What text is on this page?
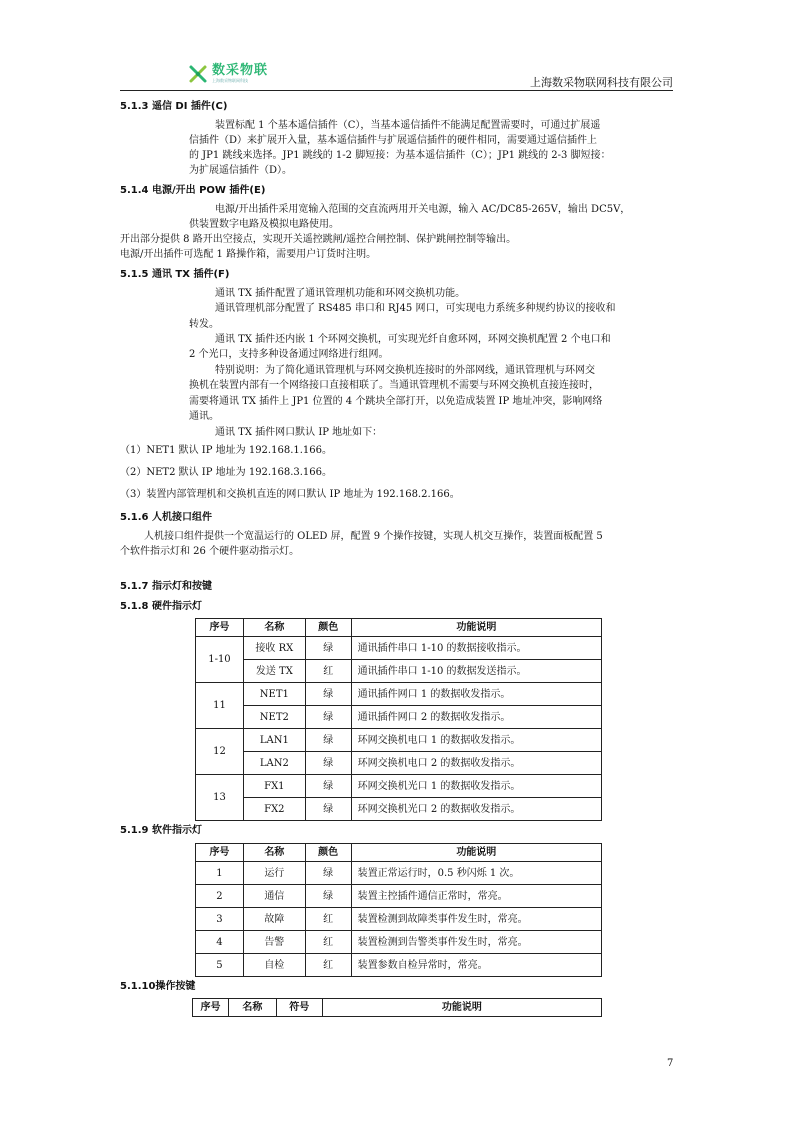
数采物联
上海数采物联网科技	上海数采物联网科技有限公司
5.1.3 遥信 DI 插件(C)
装置标配 1 个基本遥信插件（C），当基本遥信插件不能满足配置需要时，可通过扩展遥
信插件（D）来扩展开入量，基本遥信插件与扩展遥信插件的硬件相同，需要通过遥信插件上
的 JP1 跳线来选择。JP1 跳线的 1-2 脚短接：为基本遥信插件（C）；JP1 跳线的 2-3 脚短接：
为扩展遥信插件（D）。
5.1.4 电源/开出 POW 插件(E)
电源/开出插件采用宽输入范围的交直流两用开关电源，输入 AC/DC85-265V，输出 DC5V，
供装置数字电路及模拟电路使用。
开出部分提供 8 路开出空接点，实现开关遥控跳闸/遥控合闸控制、保护跳闸控制等输出。
电源/开出插件可选配 1 路操作箱，需要用户订货时注明。
5.1.5 通讯 TX 插件(F)
通讯 TX 插件配置了通讯管理机功能和环网交换机功能。
通讯管理机部分配置了 RS485 串口和 RJ45 网口，可实现电力系统多种规约协议的接收和
转发。
通讯 TX 插件还内嵌 1 个环网交换机，可实现光纤自愈环网，环网交换机配置 2 个电口和
2 个光口，支持多种设备通过网络进行组网。
特别说明：为了简化通讯管理机与环网交换机连接时的外部网线，通讯管理机与环网交
换机在装置内部有一个网络接口直接相联了。当通讯管理机不需要与环网交换机直接连接时，
需要将通讯 TX 插件上 JP1 位置的 4 个跳块全部打开，以免造成装置 IP 地址冲突，影响网络
通讯。
通讯 TX 插件网口默认 IP 地址如下：
（1）NET1 默认 IP 地址为 192.168.1.166。
（2）NET2 默认 IP 地址为 192.168.3.166。
（3）装置内部管理机和交换机直连的网口默认 IP 地址为 192.168.2.166。
5.1.6 人机接口组件
人机接口组件提供一个宽温运行的 OLED 屏，配置 9 个操作按键，实现人机交互操作，装置面板配置 5
个软件指示灯和 26 个硬件驱动指示灯。
5.1.7 指示灯和按键
5.1.8 硬件指示灯
序号	名称	颜色	功能说明
1-10	接收 RX	绿	通讯插件串口 1-10 的数据接收指示。
	发送 TX	红	通讯插件串口 1-10 的数据发送指示。
11	NET1	绿	通讯插件网口 1 的数据收发指示。
	NET2	绿	通讯插件网口 2 的数据收发指示。
12	LAN1	绿	环网交换机电口 1 的数据收发指示。
	LAN2	绿	环网交换机电口 2 的数据收发指示。
13	FX1	绿	环网交换机光口 1 的数据收发指示。
	FX2	绿	环网交换机光口 2 的数据收发指示。
5.1.9 软件指示灯
序号	名称	颜色	功能说明
1	运行	绿	装置正常运行时，0.5 秒闪烁 1 次。
2	通信	绿	装置主控插件通信正常时，常亮。
3	故障	红	装置检测到故障类事件发生时，常亮。
4	告警	红	装置检测到告警类事件发生时，常亮。
5	自检	红	装置参数自检异常时，常亮。
5.1.10操作按键
序号	名称	符号	功能说明
7
